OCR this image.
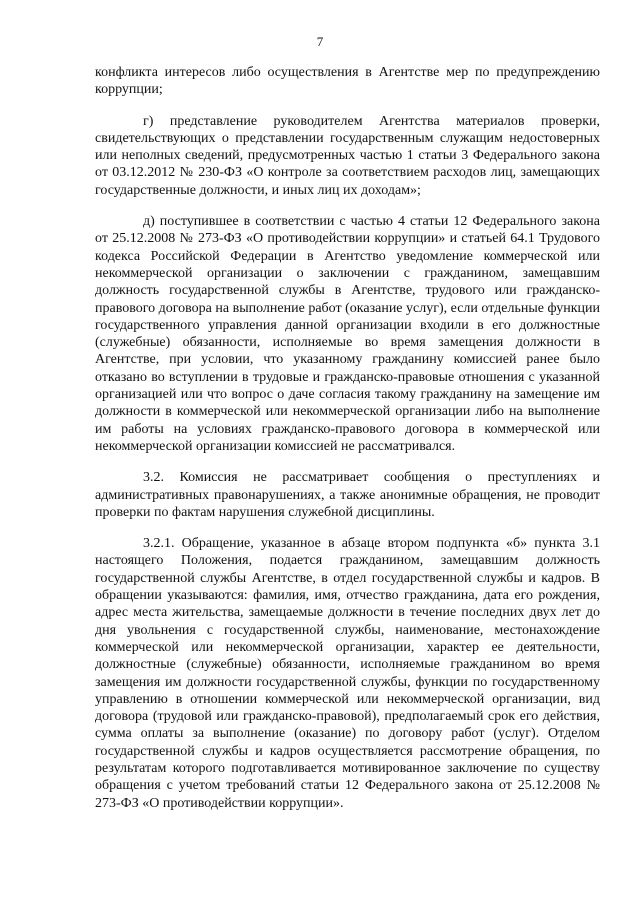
7

конфликта интересов либо осуществления в Агентстве мер по предупреждению коррупции;

г) представление руководителем Агентства материалов проверки, свидетельствующих о представлении государственным служащим недостоверных или неполных сведений, предусмотренных частью 1 статьи 3 Федерального закона от 03.12.2012 № 230-ФЗ «О контроле за соответствием расходов лиц, замещающих государственные должности, и иных лиц их доходам»;

д) поступившее в соответствии с частью 4 статьи 12 Федерального закона от 25.12.2008 № 273-ФЗ «О противодействии коррупции» и статьей 64.1 Трудового кодекса Российской Федерации в Агентство уведомление коммерческой или некоммерческой организации о заключении с гражданином, замещавшим должность государственной службы в Агентстве, трудового или гражданско-правового договора на выполнение работ (оказание услуг), если отдельные функции государственного управления данной организации входили в его должностные (служебные) обязанности, исполняемые во время замещения должности в Агентстве, при условии, что указанному гражданину комиссией ранее было отказано во вступлении в трудовые и гражданско-правовые отношения с указанной организацией или что вопрос о даче согласия такому гражданину на замещение им должности в коммерческой или некоммерческой организации либо на выполнение им работы на условиях гражданско-правового договора в коммерческой или некоммерческой организации комиссией не рассматривался.

3.2. Комиссия не рассматривает сообщения о преступлениях и административных правонарушениях, а также анонимные обращения, не проводит проверки по фактам нарушения служебной дисциплины.

3.2.1. Обращение, указанное в абзаце втором подпункта «б» пункта 3.1 настоящего Положения, подается гражданином, замещавшим должность государственной службы Агентстве, в отдел государственной службы и кадров. В обращении указываются: фамилия, имя, отчество гражданина, дата его рождения, адрес места жительства, замещаемые должности в течение последних двух лет до дня увольнения с государственной службы, наименование, местонахождение коммерческой или некоммерческой организации, характер ее деятельности, должностные (служебные) обязанности, исполняемые гражданином во время замещения им должности государственной службы, функции по государственному управлению в отношении коммерческой или некоммерческой организации, вид договора (трудовой или гражданско-правовой), предполагаемый срок его действия, сумма оплаты за выполнение (оказание) по договору работ (услуг). Отделом государственной службы и кадров осуществляется рассмотрение обращения, по результатам которого подготавливается мотивированное заключение по существу обращения с учетом требований статьи 12 Федерального закона от 25.12.2008 № 273-ФЗ «О противодействии коррупции».
